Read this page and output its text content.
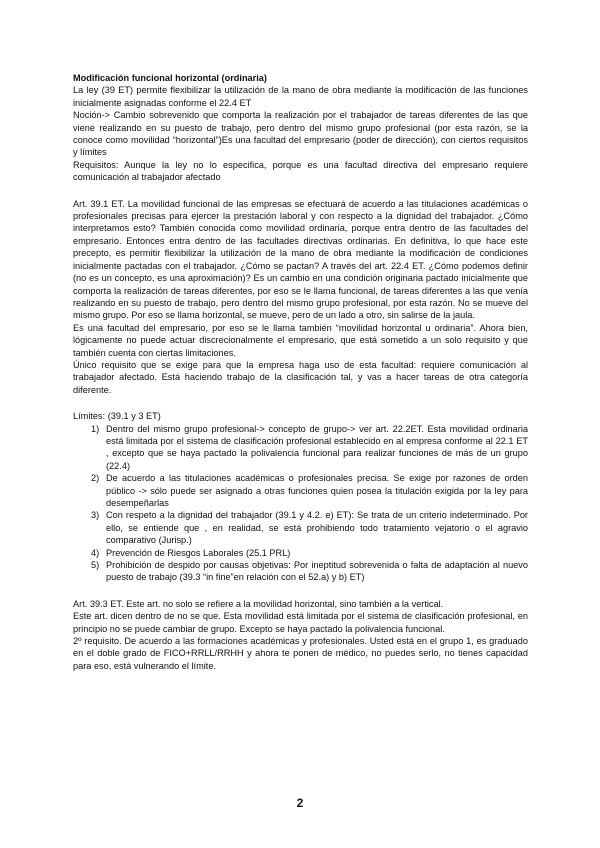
Modificación funcional horizontal (ordinaria)

La ley (39 ET) permite flexibilizar la utilización de la mano de obra mediante la modificación de las funciones inicialmente asignadas conforme el 22.4 ET

Noción-> Cambio sobrevenido que comporta la realización por el trabajador de tareas diferentes de las que viene realizando en su puesto de trabajo, pero dentro del mismo grupo profesional (por esta razón, se la conoce como movilidad “horizontal”)Es una facultad del empresario (poder de dirección), con ciertos requisitos y límites

Requisitos: Aunque la ley no lo especifica, porque es una facultad directiva del empresario requiere comunicación al trabajador afectado

Art. 39.1 ET. La movilidad funcional de las empresas se efectuará de acuerdo a las titulaciones académicas o profesionales precisas para ejercer la prestación laboral y con respecto a la dignidad del trabajador. ¿Cómo interpretamos esto? También conocida como movilidad ordinaria, porque entra dentro de las facultades del empresario. Entonces entra dentro de las facultades directivas ordinarias. En definitiva, lo que hace este precepto, es permitir flexibilizar la utilización de la mano de obra mediante la modificación de condiciones inicialmente pactadas con el trabajador. ¿Cómo se pactan? A través del art. 22.4 ET. ¿Cómo podemos definir (no es un concepto, es una aproximación)? Es un cambio en una condición originaria pactado inicialmente que comporta la realización de tareas diferentes, por eso se le llama funcional, de tareas diferentes a las que venía realizando en su puesto de trabajo, pero dentro del mismo grupo profesional, por esta razón. No se mueve del mismo grupo. Por eso se llama horizontal, se mueve, pero de un lado a otro, sin salirse de la jaula.

Es una facultad del empresario, por eso se le llama también “movilidad horizontal u ordinaria”. Ahora bien, lógicamente no puede actuar discrecionalmente el empresario, que está sometido a un solo requisito y que también cuenta con ciertas limitaciones.

Único requisito que se exige para que la empresa haga uso de esta facultad: requiere comunicación al trabajador afectado. Está haciendo trabajo de la clasificación tal, y vas a hacer tareas de otra categoría diferente.

Límites: (39.1 y 3 ET)

1) Dentro del mismo grupo profesional-> concepto de grupo-> ver art. 22.2ET. Esta movilidad ordinaria está limitada por el sistema de clasificación profesional establecido en al empresa conforme al 22.1 ET , excepto que se haya pactado la polivalencia funcional para realizar funciones de más de un grupo (22.4)
2) De acuerdo a las titulaciones académicas o profesionales precisa. Se exige por razones de orden público -> sólo puede ser asignado a otras funciones quien posea la titulación exigida por la ley para desempeñarlas
3) Con respeto a la dignidad del trabajador (39.1 y 4.2. e) ET): Se trata de un criterio indeterminado. Por ello, se entiende que , en realidad, se está prohibiendo todo tratamiento vejatorio o el agravio comparativo (Jurisp.)
4) Prevención de Riesgos Laborales (25.1 PRL)
5) Prohibición de despido por causas objetivas: Por ineptitud sobrevenida o falta de adaptación al nuevo puesto de trabajo (39.3 “in fine”en relación con el 52.a) y b) ET)

Art. 39.3 ET. Este art. no solo se refiere a la movilidad horizontal, sino también a la vertical.

Este art. dicen dentro de no se que. Esta movilidad está limitada por el sistema de clasificación profesional, en principio no se puede cambiar de grupo. Excepto se haya pactado la polivalencia funcional.

2º requisito. De acuerdo a las formaciones académicas y profesionales. Usted está en el grupo 1, es graduado en el doble grado de FICO+RRLL/RRHH y ahora te ponen de médico, no puedes serlo, no tienes capacidad para eso, está vulnerando el límite.

2
